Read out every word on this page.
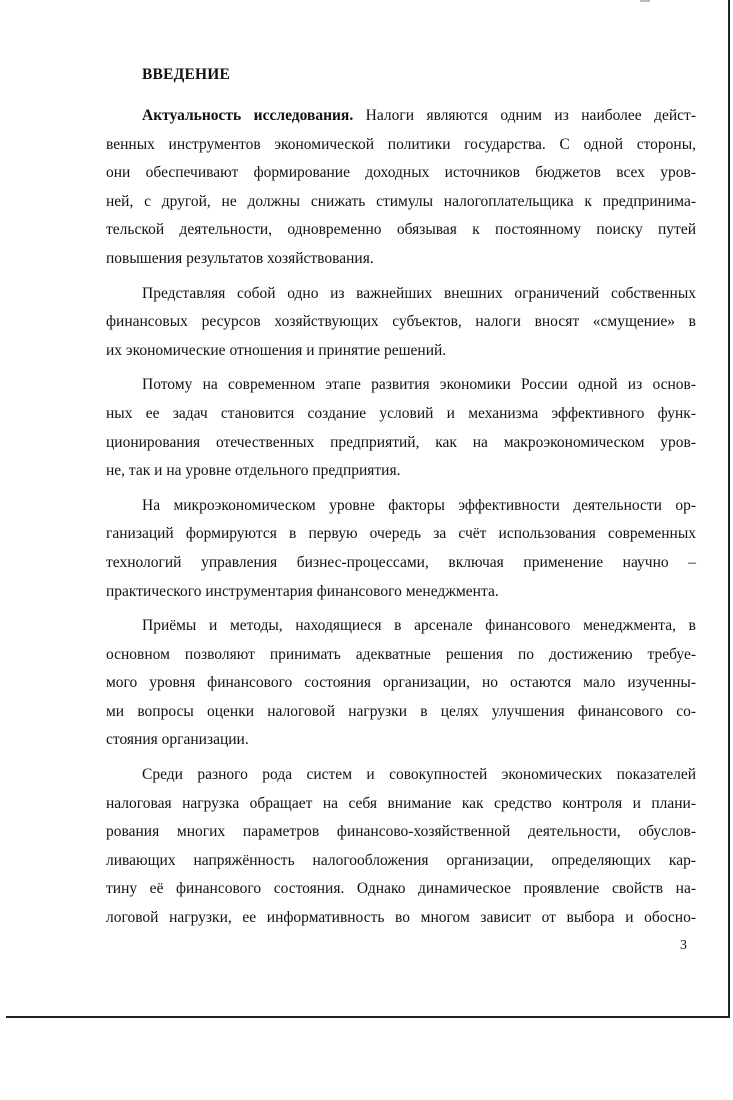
ВВЕДЕНИЕ
Актуальность исследования. Налоги являются одним из наиболее дейст-
венных инструментов экономической политики государства. С одной стороны,
они обеспечивают формирование доходных источников бюджетов всех уров-
ней, с другой, не должны снижать стимулы налогоплательщика к предпринима-
тельской деятельности, одновременно обязывая к постоянному поиску путей
повышения результатов хозяйствования.
Представляя собой одно из важнейших внешних ограничений собственных
финансовых ресурсов хозяйствующих субъектов, налоги вносят «смущение» в
их экономические отношения и принятие решений.
Потому на современном этапе развития экономики России одной из основ-
ных ее задач становится создание условий и механизма эффективного функ-
ционирования отечественных предприятий, как на макроэкономическом уров-
не, так и на уровне отдельного предприятия.
На микроэкономическом уровне факторы эффективности деятельности ор-
ганизаций формируются в первую очередь за счёт использования современных
технологий управления бизнес-процессами, включая применение научно –
практического инструментария финансового менеджмента.
Приёмы и методы, находящиеся в арсенале финансового менеджмента, в
основном позволяют принимать адекватные решения по достижению требуе-
мого уровня финансового состояния организации, но остаются мало изученны-
ми вопросы оценки налоговой нагрузки в целях улучшения финансового со-
стояния организации.
Среди разного рода систем и совокупностей экономических показателей
налоговая нагрузка обращает на себя внимание как средство контроля и плани-
рования многих параметров финансово-хозяйственной деятельности, обуслов-
ливающих напряжённость налогообложения организации, определяющих кар-
тину её финансового состояния. Однако динамическое проявление свойств на-
логовой нагрузки, ее информативность во многом зависит от выбора и обосно-
3
